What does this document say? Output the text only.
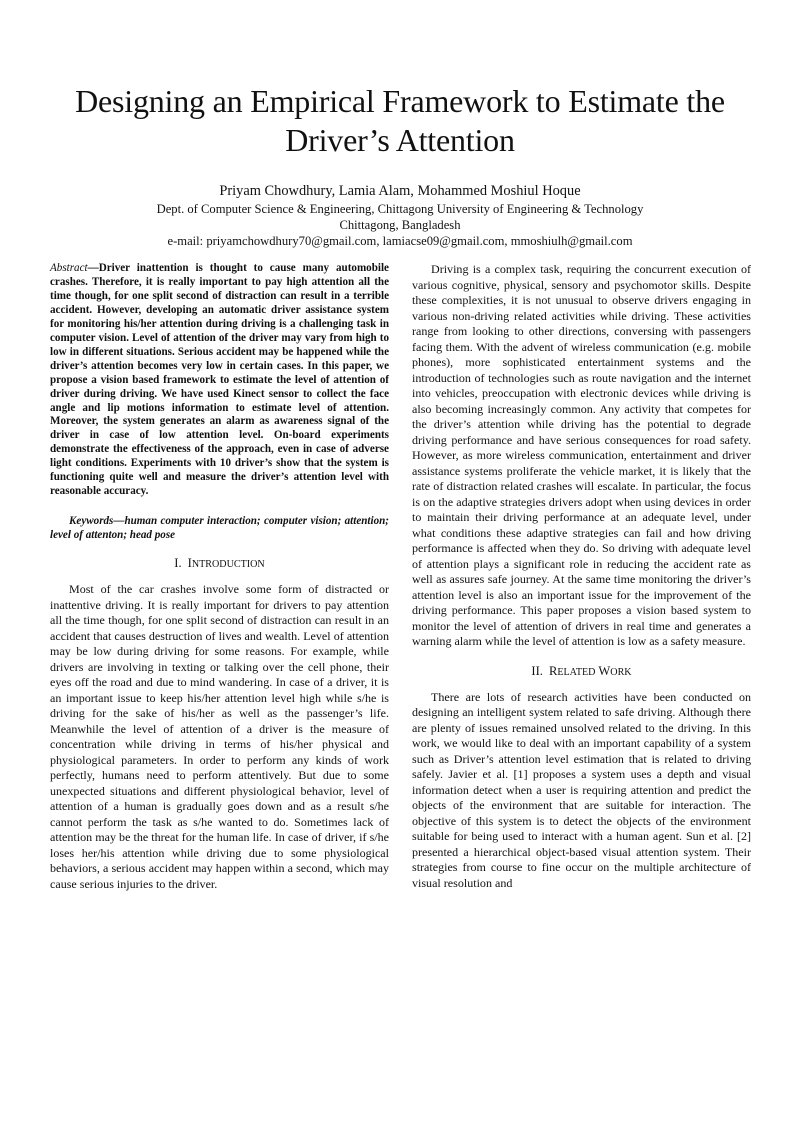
Designing an Empirical Framework to Estimate the
Driver’s Attention
Priyam Chowdhury, Lamia Alam, Mohammed Moshiul Hoque
Dept. of Computer Science & Engineering, Chittagong University of Engineering & Technology
Chittagong, Bangladesh
e-mail: priyamchowdhury70@gmail.com, lamiacse09@gmail.com, mmoshiulh@gmail.com

Abstract—Driver inattention is thought to cause many automobile crashes. Therefore, it is really important to pay high attention all the time though, for one split second of distraction can result in a terrible accident. However, developing an automatic driver assistance system for monitoring his/her attention during driving is a challenging task in computer vision. Level of attention of the driver may vary from high to low in different situations. Serious accident may be happened while the driver’s attention becomes very low in certain cases. In this paper, we propose a vision based framework to estimate the level of attention of driver during driving. We have used Kinect sensor to collect the face angle and lip motions information to estimate level of attention. Moreover, the system generates an alarm as awareness signal of the driver in case of low attention level. On-board experiments demonstrate the effectiveness of the approach, even in case of adverse light conditions. Experiments with 10 driver’s show that the system is functioning quite well and measure the driver’s attention level with reasonable accuracy.

Keywords—human computer interaction; computer vision; attention; level of attenton; head pose

I. INTRODUCTION

Most of the car crashes involve some form of distracted or inattentive driving. It is really important for drivers to pay attention all the time though, for one split second of distraction can result in an accident that causes destruction of lives and wealth. Level of attention may be low during driving for some reasons. For example, while drivers are involving in texting or talking over the cell phone, their eyes off the road and due to mind wandering. In case of a driver, it is an important issue to keep his/her attention level high while s/he is driving for the sake of his/her as well as the passenger’s life. Meanwhile the level of attention of a driver is the measure of concentration while driving in terms of his/her physical and physiological parameters. In order to perform any kinds of work perfectly, humans need to perform attentively. But due to some unexpected situations and different physiological behavior, level of attention of a human is gradually goes down and as a result s/he cannot perform the task as s/he wanted to do. Sometimes lack of attention may be the threat for the human life. In case of driver, if s/he loses her/his attention while driving due to some physiological behaviors, a serious accident may happen within a second, which may cause serious injuries to the driver.

Driving is a complex task, requiring the concurrent execution of various cognitive, physical, sensory and psychomotor skills. Despite these complexities, it is not unusual to observe drivers engaging in various non-driving related activities while driving. These activities range from looking to other directions, conversing with passengers facing them. With the advent of wireless communication (e.g. mobile phones), more sophisticated entertainment systems and the introduction of technologies such as route navigation and the internet into vehicles, preoccupation with electronic devices while driving is also becoming increasingly common. Any activity that competes for the driver’s attention while driving has the potential to degrade driving performance and have serious consequences for road safety. However, as more wireless communication, entertainment and driver assistance systems proliferate the vehicle market, it is likely that the rate of distraction related crashes will escalate. In particular, the focus is on the adaptive strategies drivers adopt when using devices in order to maintain their driving performance at an adequate level, under what conditions these adaptive strategies can fail and how driving performance is affected when they do. So driving with adequate level of attention plays a significant role in reducing the accident rate as well as assures safe journey. At the same time monitoring the driver’s attention level is also an important issue for the improvement of the driving performance. This paper proposes a vision based system to monitor the level of attention of drivers in real time and generates a warning alarm while the level of attention is low as a safety measure.

II. RELATED WORK

There are lots of research activities have been conducted on designing an intelligent system related to safe driving. Although there are plenty of issues remained unsolved related to the driving. In this work, we would like to deal with an important capability of a system such as Driver’s attention level estimation that is related to driving safely. Javier et al. [1] proposes a system uses a depth and visual information detect when a user is requiring attention and predict the objects of the environment that are suitable for interaction. The objective of this system is to detect the objects of the environment suitable for being used to interact with a human agent. Sun et al. [2] presented a hierarchical object-based visual attention system. Their strategies from course to fine occur on the multiple architecture of visual resolution and
